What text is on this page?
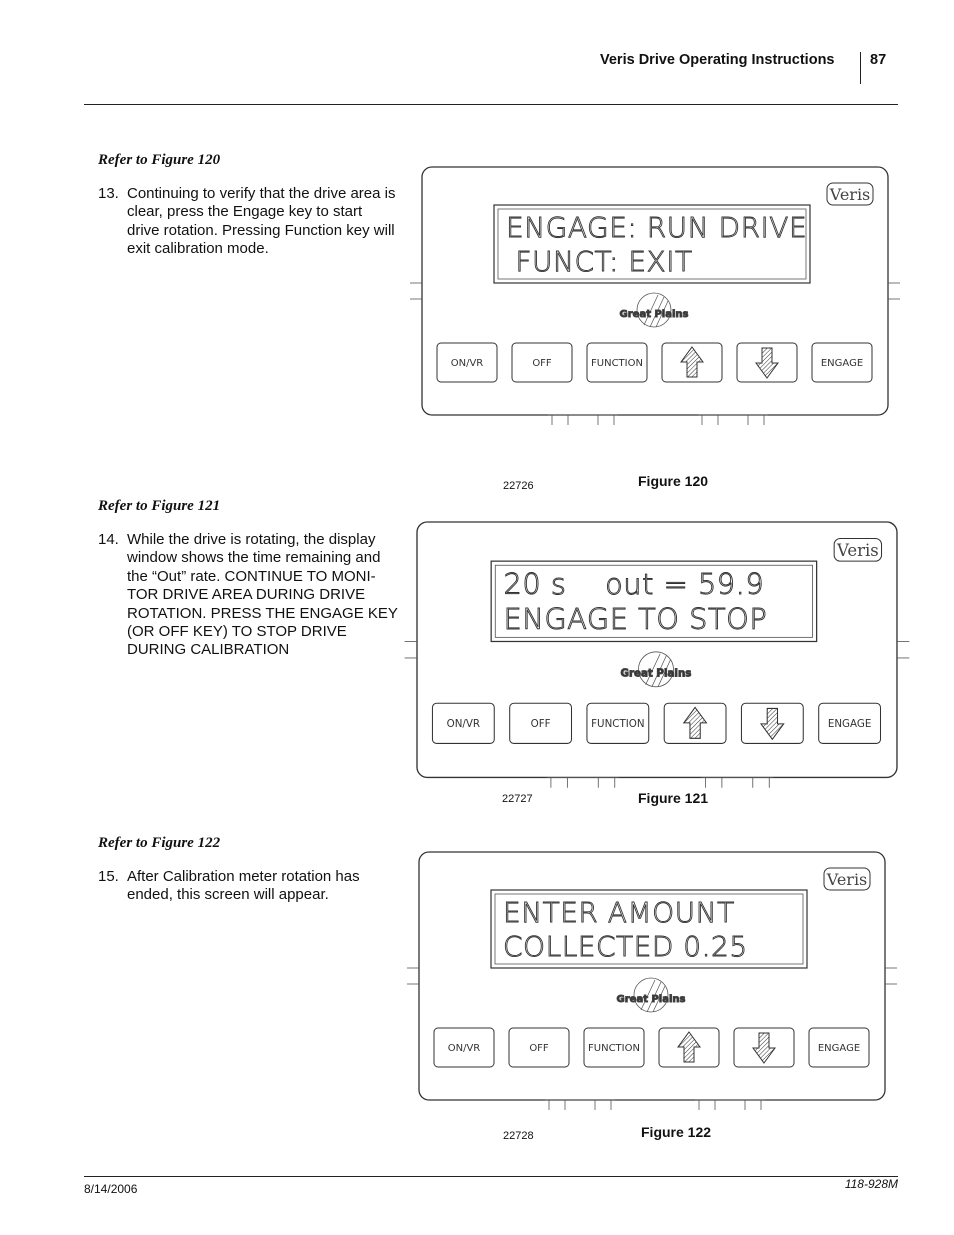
Veris Drive Operating Instructions 87
Refer to Figure 120
13. Continuing to verify that the drive area is clear, press the Engage key to start drive rotation. Pressing Function key will exit calibration mode.
Refer to Figure 121
14. While the drive is rotating, the display window shows the time remaining and the “Out” rate. CONTINUE TO MONI-TOR DRIVE AREA DURING DRIVE ROTATION. PRESS THE ENGAGE KEY (OR OFF KEY) TO STOP DRIVE DURING CALIBRATION
Refer to Figure 122
15. After Calibration meter rotation has ended, this screen will appear.
Veris
ENGAGE: RUN DRIVE
FUNCT: EXIT
Great Plains
ON/VR	OFF	FUNCTION	ENGAGE
22726	Figure 120
Veris
20 s    out = 59.9
ENGAGE TO STOP
Great Plains
ON/VR	OFF	FUNCTION	ENGAGE
22727	Figure 121
Veris
ENTER AMOUNT
COLLECTED 0.25
Great Plains
ON/VR	OFF	FUNCTION	ENGAGE
22728	Figure 122
8/14/2006	118-928M
